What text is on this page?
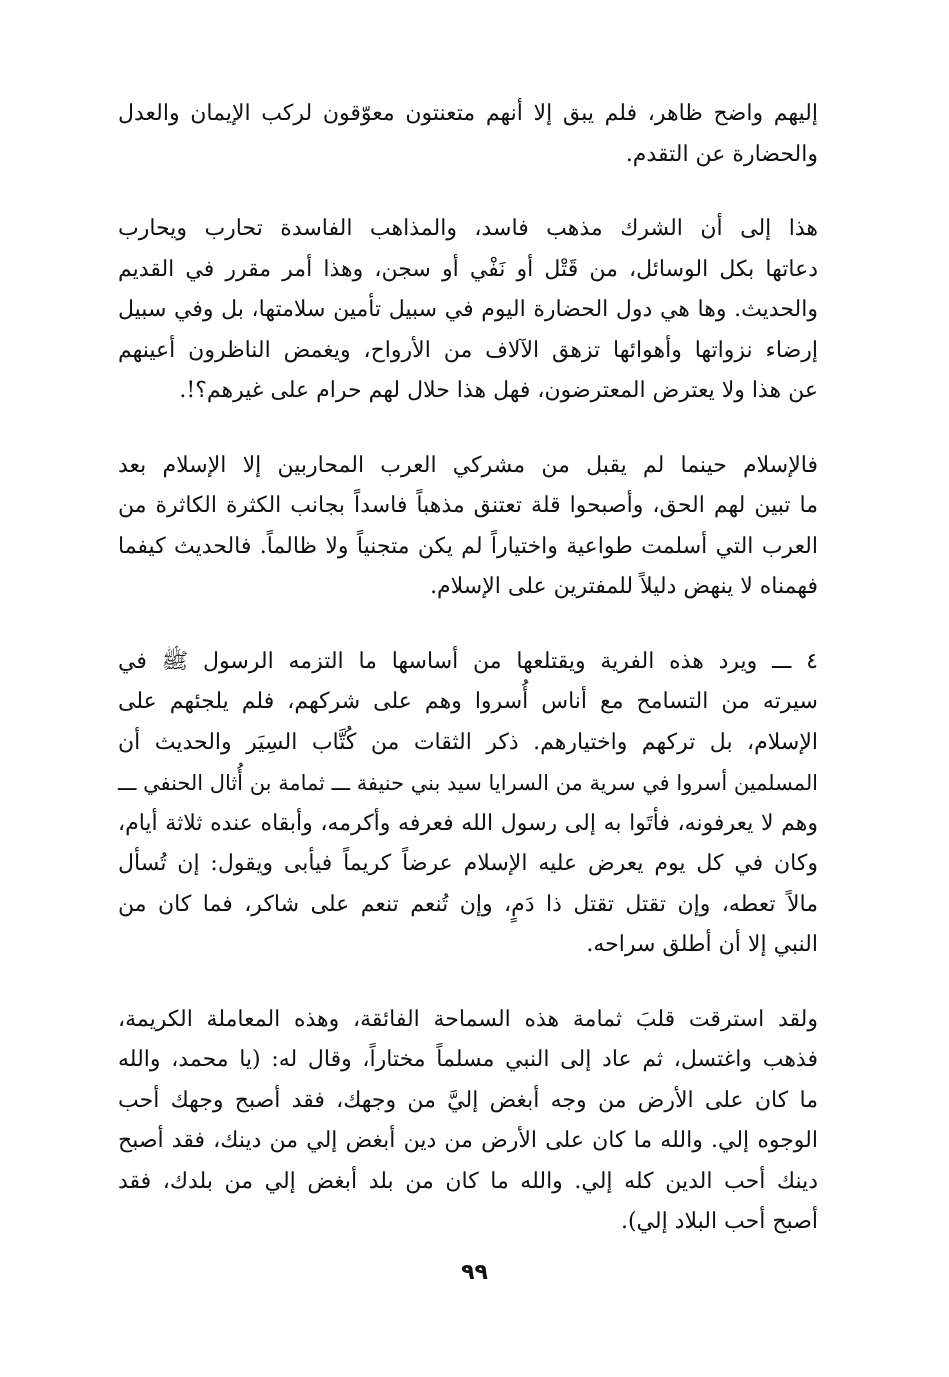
إليهم واضح ظاهر، فلم يبق إلا أنهم متعنتون معوّقون لركب الإيمان والعدل
والحضارة عن التقدم.
هذا إلى أن الشرك مذهب فاسد، والمذاهب الفاسدة تحارب ويحارب
دعاتها بكل الوسائل، من قَتْل أو نَفْي أو سجن، وهذا أمر مقرر في القديم
والحديث. وها هي دول الحضارة اليوم في سبيل تأمين سلامتها، بل وفي سبيل
إرضاء نزواتها وأهوائها تزهق الآلاف من الأرواح، ويغمض الناظرون أعينهم
عن هذا ولا يعترض المعترضون، فهل هذا حلال لهم حرام على غيرهم؟!.
فالإسلام حينما لم يقبل من مشركي العرب المحاربين إلا الإسلام بعد
ما تبين لهم الحق، وأصبحوا قلة تعتنق مذهباً فاسداً بجانب الكثرة الكاثرة من
العرب التي أسلمت طواعية واختياراً لم يكن متجنياً ولا ظالماً. فالحديث كيفما
فهمناه لا ينهض دليلاً للمفترين على الإسلام.
٤ ـــ ويرد هذه الفرية ويقتلعها من أساسها ما التزمه الرسول ﷺ في
سيرته من التسامح مع أناس أُسروا وهم على شركهم، فلم يلجئهم على
الإسلام، بل تركهم واختيارهم. ذكر الثقات من كُتَّاب السِيَر والحديث أن
المسلمين أسروا في سرية من السرايا سيد بني حنيفة ـــ ثمامة بن أُثال الحنفي ـــ
وهم لا يعرفونه، فأتَوا به إلى رسول الله فعرفه وأكرمه، وأبقاه عنده ثلاثة أيام،
وكان في كل يوم يعرض عليه الإسلام عرضاً كريماً فيأبى ويقول: إن تُسأل
مالاً تعطه، وإن تقتل تقتل ذا دَمٍ، وإن تُنعم تنعم على شاكر، فما كان من
النبي إلا أن أطلق سراحه.
ولقد استرقت قلبَ ثمامة هذه السماحة الفائقة، وهذه المعاملة الكريمة،
فذهب واغتسل، ثم عاد إلى النبي مسلماً مختاراً، وقال له: (يا محمد، والله
ما كان على الأرض من وجه أبغض إليَّ من وجهك، فقد أصبح وجهك أحب
الوجوه إلي. والله ما كان على الأرض من دين أبغض إلي من دينك، فقد أصبح
دينك أحب الدين كله إلي. والله ما كان من بلد أبغض إلي من بلدك، فقد
أصبح أحب البلاد إلي).
٩٩
